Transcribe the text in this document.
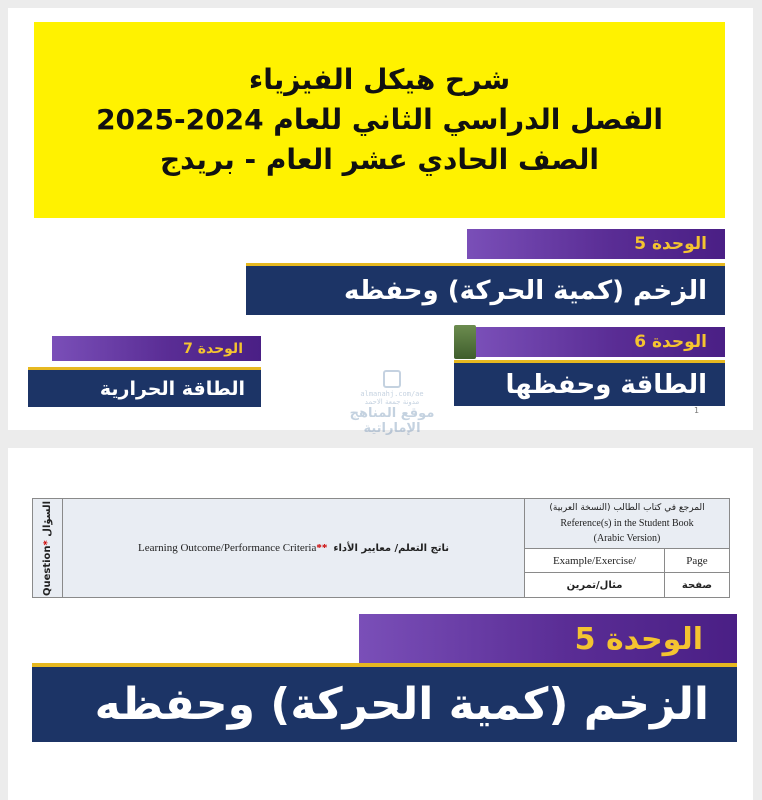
شرح هيكل الفيزياء
الفصل الدراسي الثاني للعام 2024-2025
الصف الحادي عشر العام - بريدج
الوحدة 5
الزخم (كمية الحركة) وحفظه
الوحدة 6
الطاقة وحفظها
الوحدة 7
الطاقة الحرارية	almanahj.com/ae
مدونة جمعة الاحمد
موقع المناهج الإماراتية
1
Question* السؤال
Learning Outcome/Performance Criteria ** ناتج التعلم/ معايير الأداء
المرجع في كتاب الطالب (النسخة العربية)
Reference(s) in the Student Book
(Arabic Version)
Example/Exercise/	Page
مثال/تمرين	صفحة
الوحدة 5
الزخم (كمية الحركة) وحفظه
